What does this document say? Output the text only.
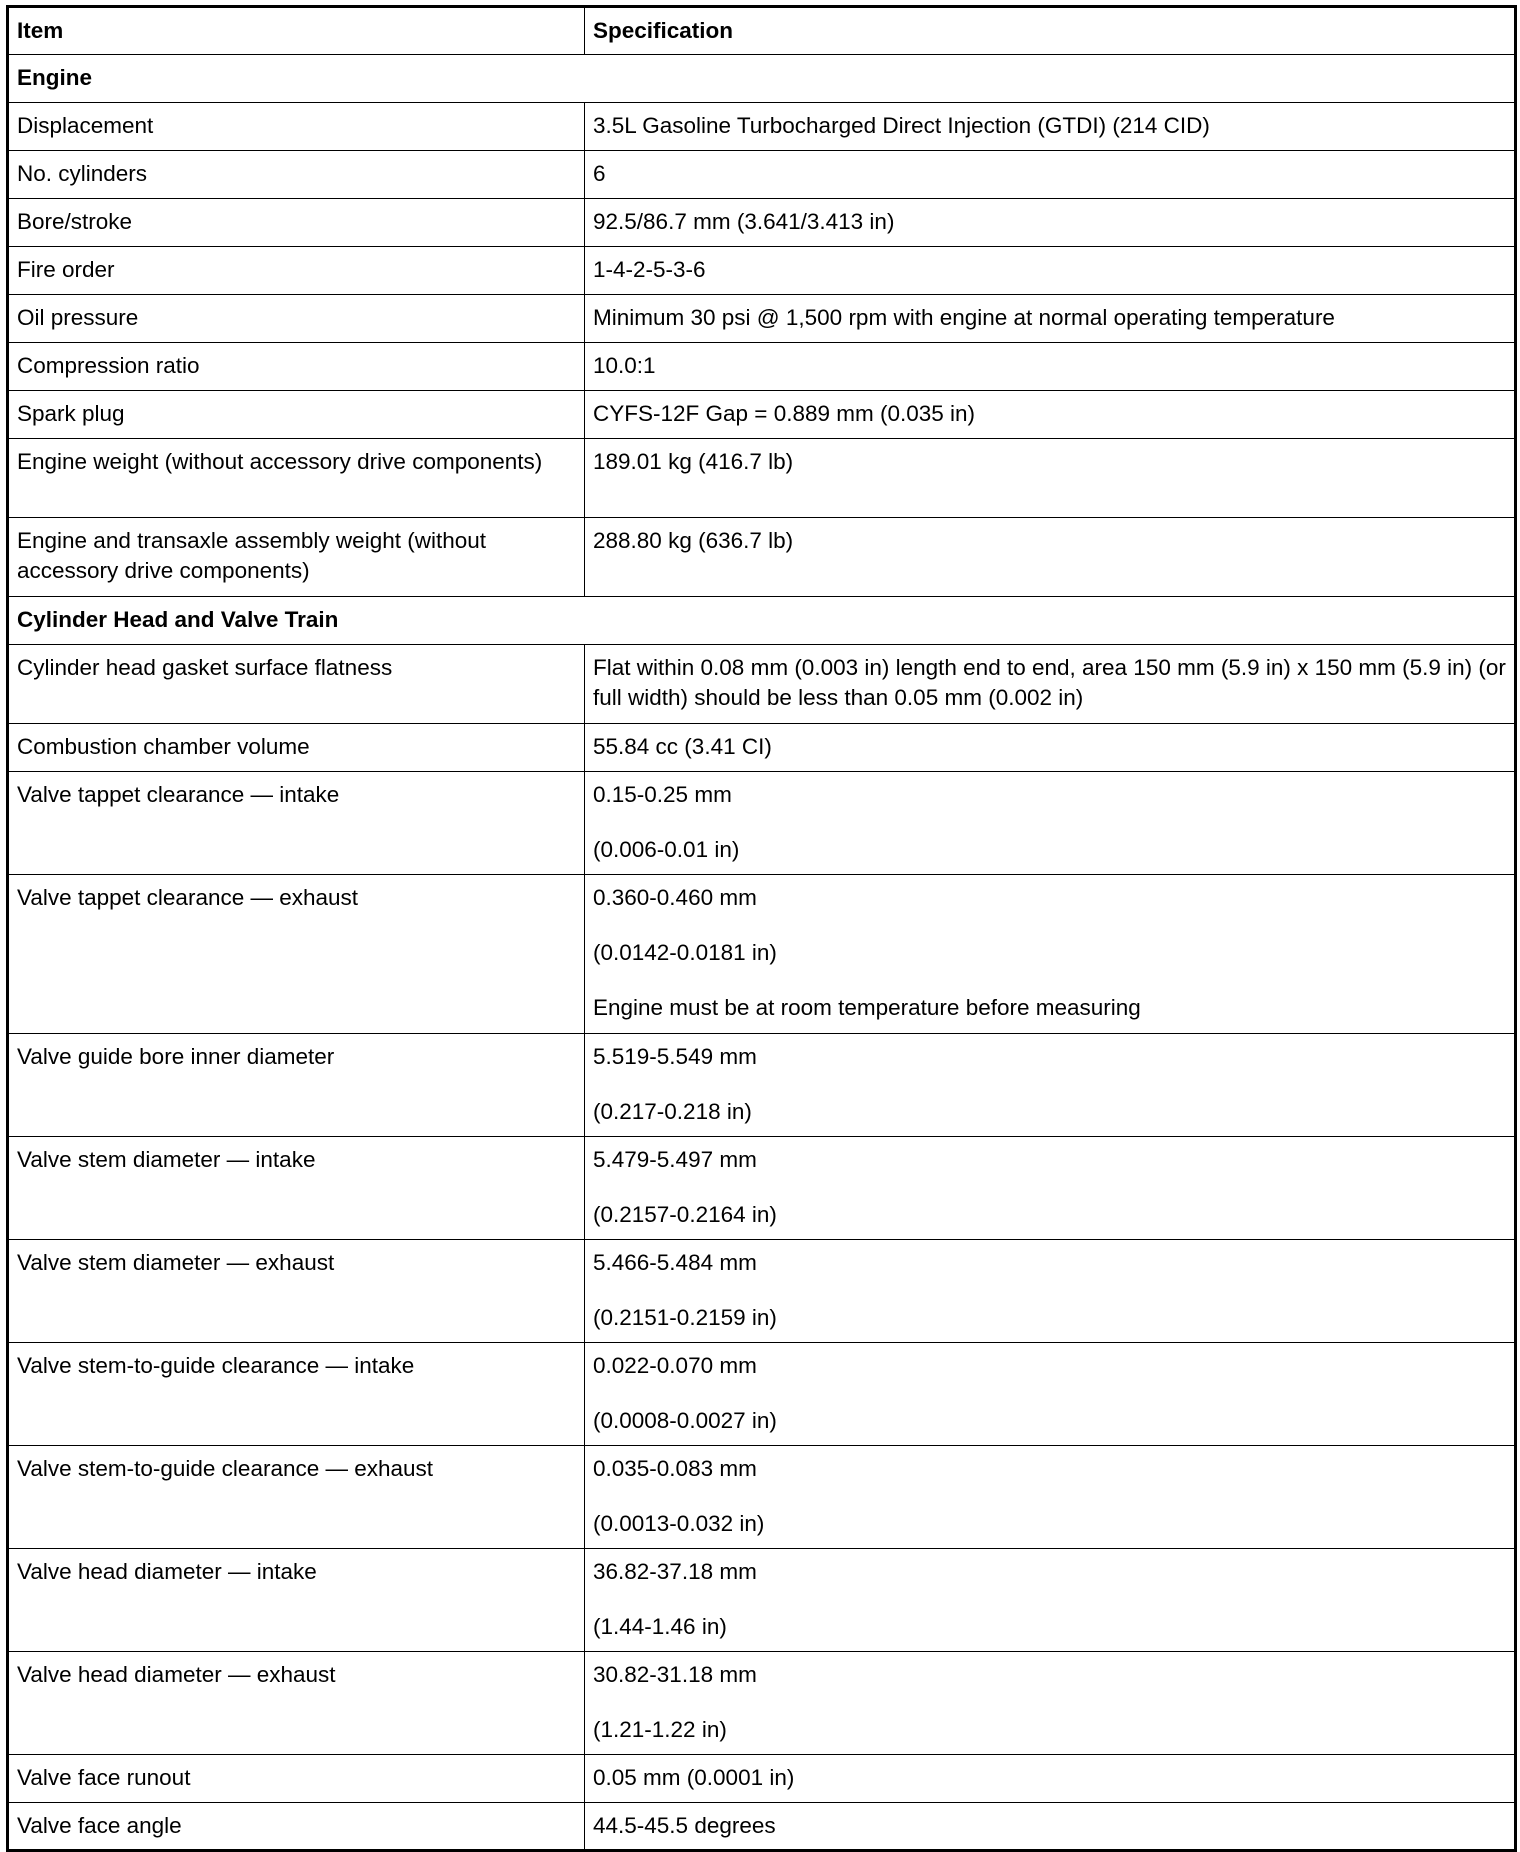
Item	Specification
Engine	
Displacement	3.5L Gasoline Turbocharged Direct Injection (GTDI) (214 CID)

No. cylinders	6

Bore/stroke	92.5/86.7 mm (3.641/3.413 in)

Fire order	1-4-2-5-3-6

Oil pressure	Minimum 30 psi @ 1,500 rpm with engine at normal operating temperature

Compression ratio	10.0:1

Spark plug	CYFS-12F Gap = 0.889 mm (0.035 in)

Engine weight (without accessory drive components)	189.01 kg (416.7 lb)

Engine and transaxle assembly weight (without accessory drive components)	288.80 kg (636.7 lb)

Cylinder Head and Valve Train	
Cylinder head gasket surface flatness	Flat within 0.08 mm (0.003 in) length end to end, area 150 mm (5.9 in) x 150 mm (5.9 in) (or full width) should be less than 0.05 mm (0.002 in)

Combustion chamber volume	55.84 cc (3.41 CI)

Valve tappet clearance — intake	0.15-0.25 mm
(0.006-0.01 in)

Valve tappet clearance — exhaust	0.360-0.460 mm
(0.0142-0.0181 in)
Engine must be at room temperature before measuring

Valve guide bore inner diameter	5.519-5.549 mm
(0.217-0.218 in)

Valve stem diameter — intake	5.479-5.497 mm
(0.2157-0.2164 in)

Valve stem diameter — exhaust	5.466-5.484 mm
(0.2151-0.2159 in)

Valve stem-to-guide clearance — intake	0.022-0.070 mm
(0.0008-0.0027 in)

Valve stem-to-guide clearance — exhaust	0.035-0.083 mm
(0.0013-0.032 in)

Valve head diameter — intake	36.82-37.18 mm
(1.44-1.46 in)

Valve head diameter — exhaust	30.82-31.18 mm
(1.21-1.22 in)

Valve face runout	0.05 mm (0.0001 in)

Valve face angle	44.5-45.5 degrees
